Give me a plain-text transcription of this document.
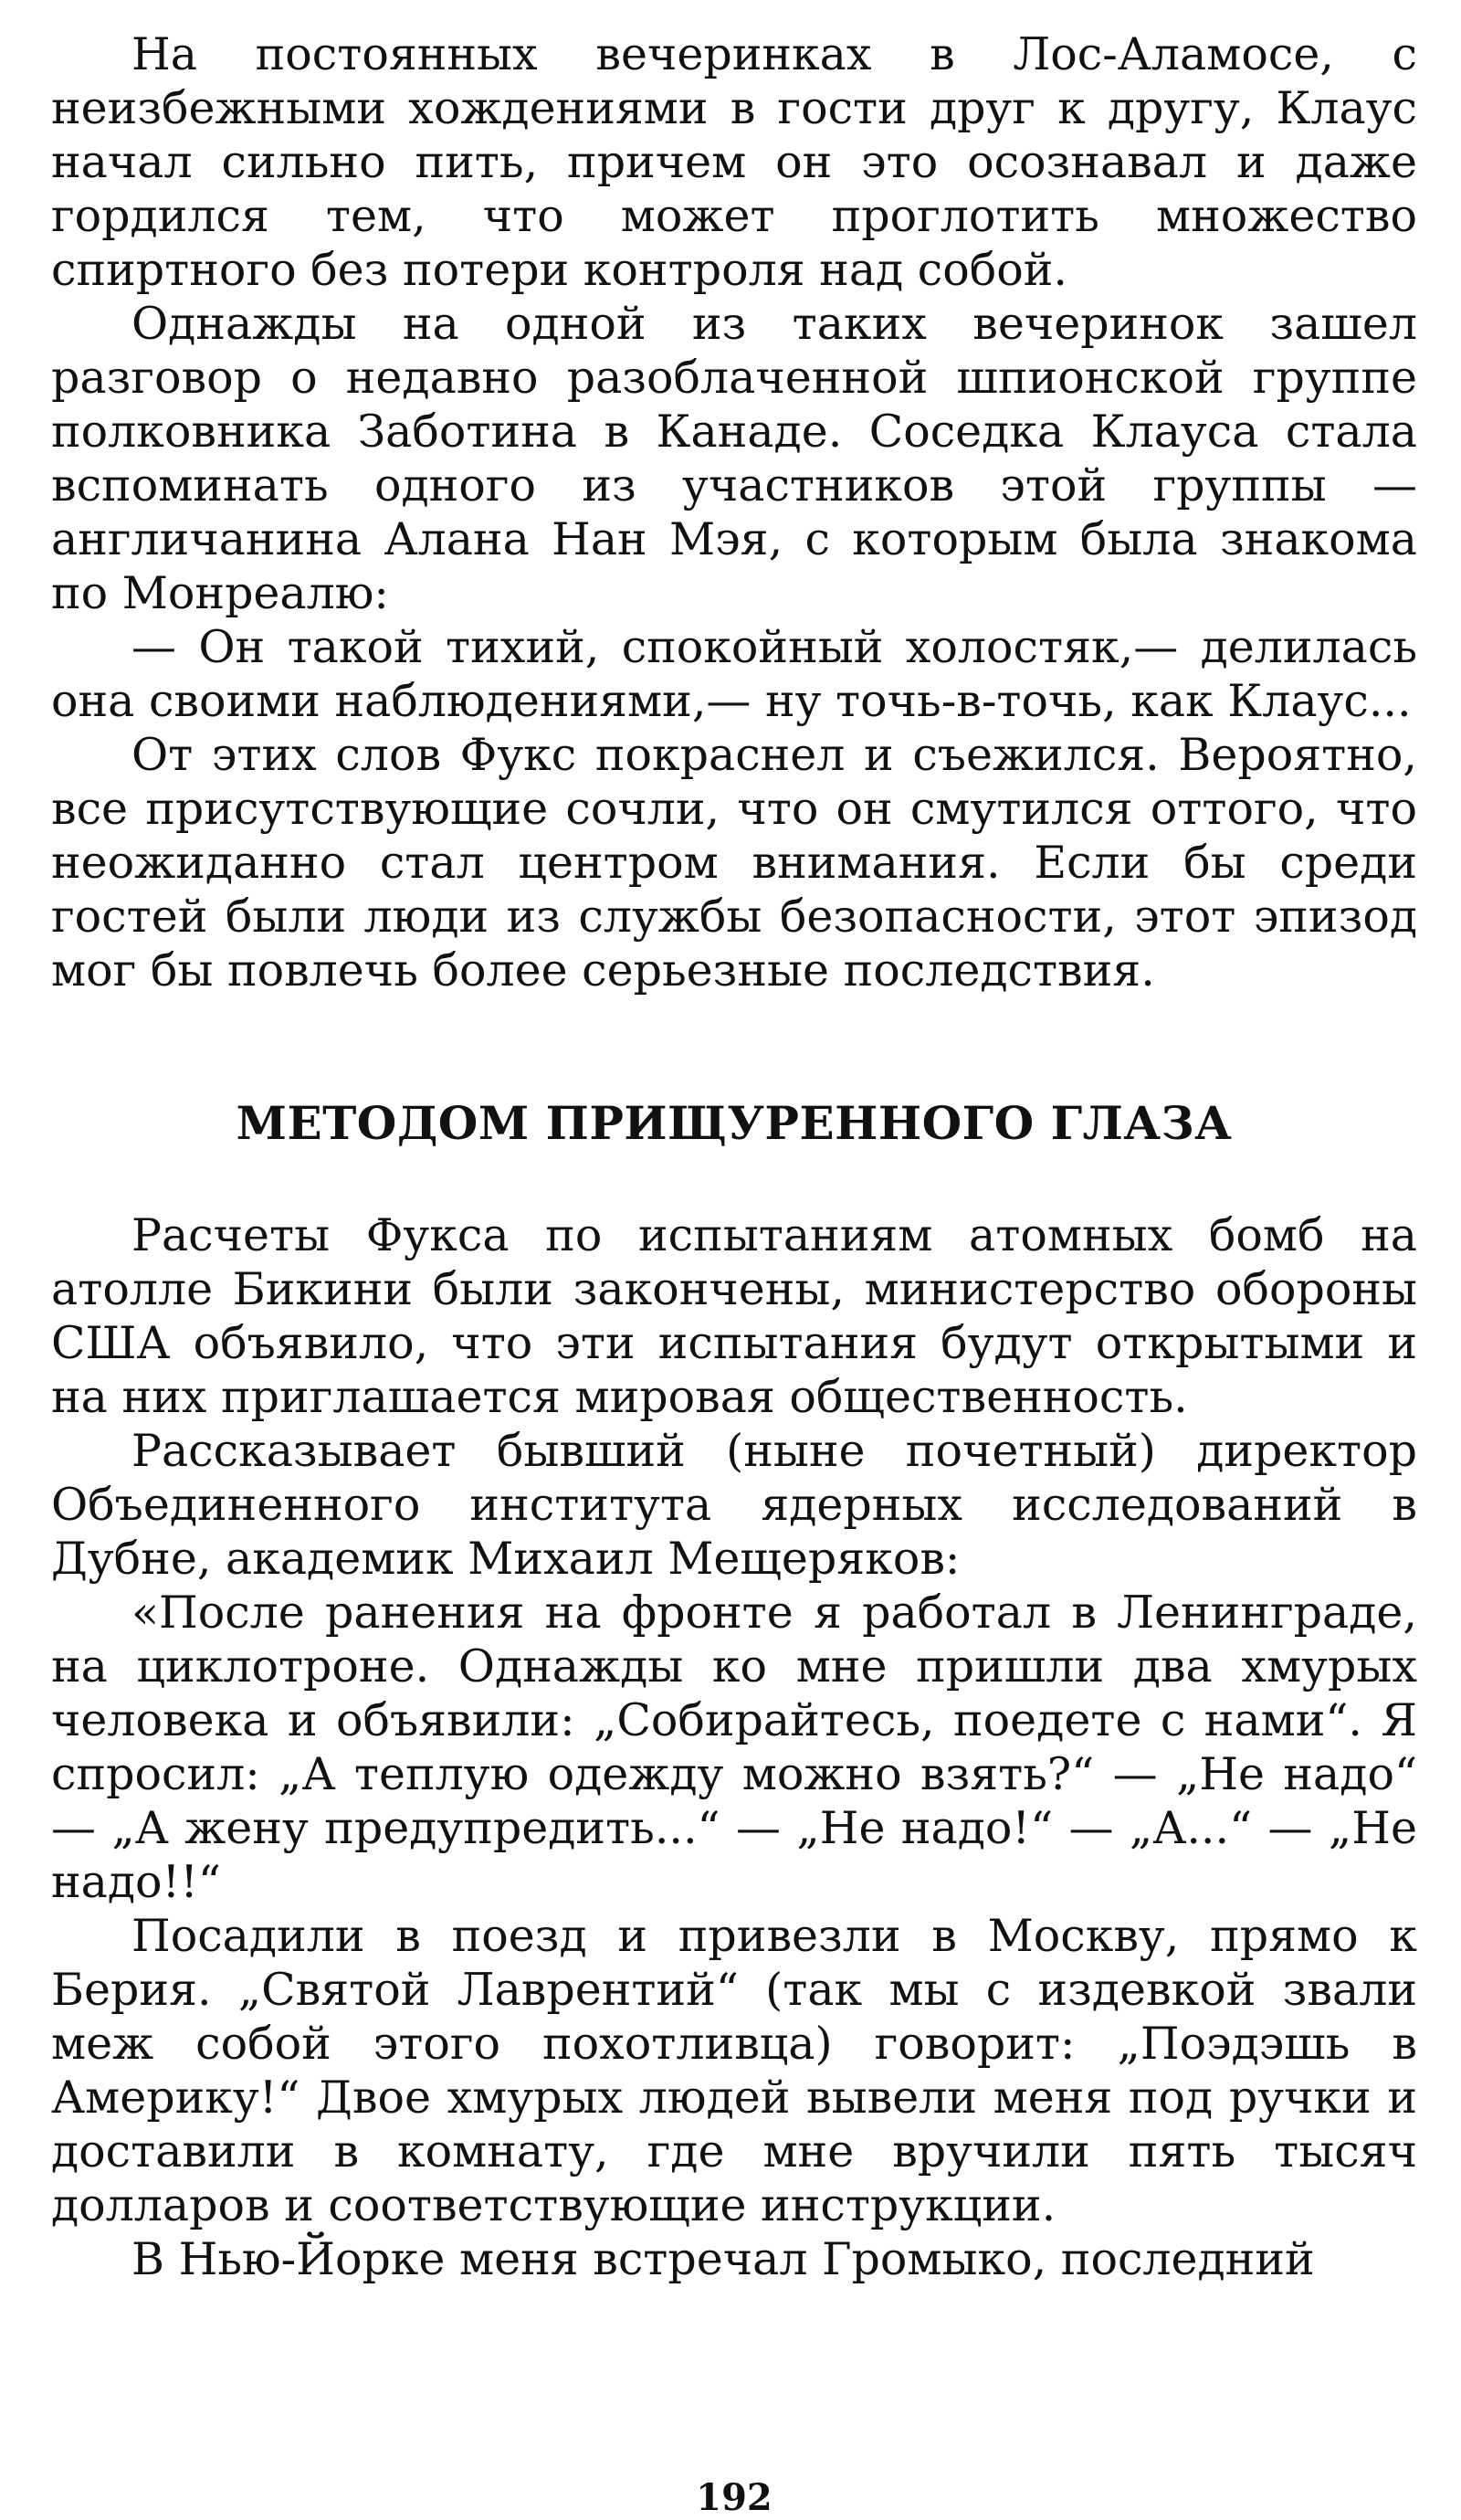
На постоянных вечеринках в Лос-Аламосе, с неизбежными хождениями в гости друг к другу, Клаус начал сильно пить, причем он это осознавал и даже гордился тем, что может проглотить множество спиртного без потери контроля над собой.

Однажды на одной из таких вечеринок зашел разговор о недавно разоблаченной шпионской группе полковника Заботина в Канаде. Соседка Клауса стала вспоминать одного из участников этой группы — англичанина Алана Нан Мэя, с которым была знакома по Монреалю:

— Он такой тихий, спокойный холостяк,— делилась она своими наблюдениями,— ну точь-в-точь, как Клаус...

От этих слов Фукс покраснел и съежился. Вероятно, все присутствующие сочли, что он смутился оттого, что неожиданно стал центром внимания. Если бы среди гостей были люди из службы безопасности, этот эпизод мог бы повлечь более серьезные последствия.

МЕТОДОМ ПРИЩУРЕННОГО ГЛАЗА

Расчеты Фукса по испытаниям атомных бомб на атолле Бикини были закончены, министерство обороны США объявило, что эти испытания будут открытыми и на них приглашается мировая общественность.

Рассказывает бывший (ныне почетный) директор Объединенного института ядерных исследований в Дубне, академик Михаил Мещеряков:

«После ранения на фронте я работал в Ленинграде, на циклотроне. Однажды ко мне пришли два хмурых человека и объявили: „Собирайтесь, поедете с нами“. Я спросил: „А теплую одежду можно взять?“ — „Не надо“ — „А жену предупредить...“ — „Не надо!“ — „А...“ — „Не надо!!“

Посадили в поезд и привезли в Москву, прямо к Берия. „Святой Лаврентий“ (так мы с издевкой звали меж собой этого похотливца) говорит: „Поэдэшь в Америку!“ Двое хмурых людей вывели меня под ручки и доставили в комнату, где мне вручили пять тысяч долларов и соответствующие инструкции.

В Нью-Йорке меня встречал Громыко, последний

192
